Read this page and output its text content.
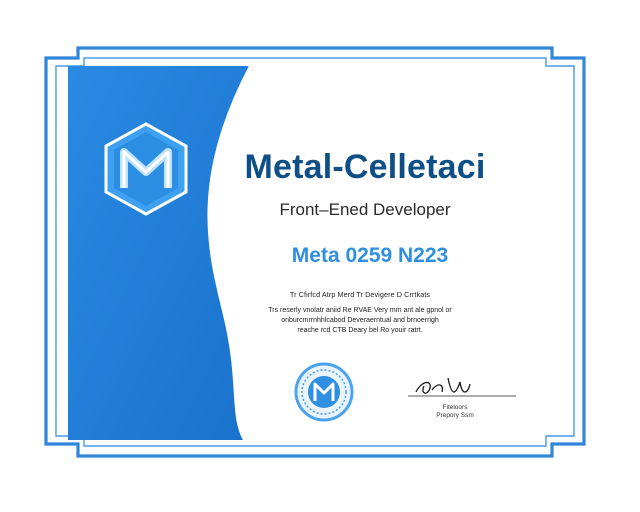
Metal-Celletaci
Front–Ened Developer
Meta 0259 N223
Tr Cfirfcd Atrp Merd Tr Devigere D Crrtkats
Trs reserly vnolatr aniid Re RVAE Very mm ant ale gpnol or
onburcmrrnhhlcabod Deveraerntual and brnoerrigh
reache rcd CTB Deary bel Ro youir ratrt.
Fiteloors
Prepory Ssm
